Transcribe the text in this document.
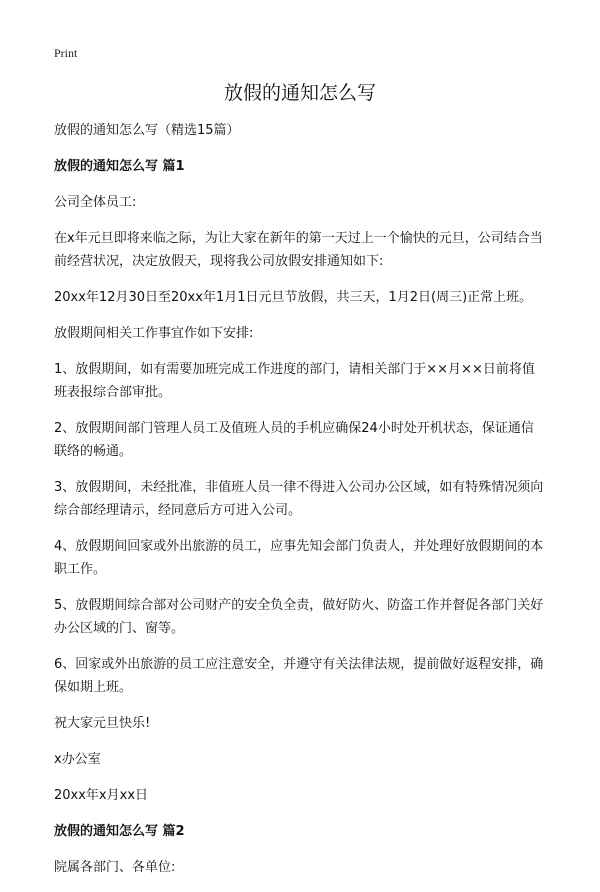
Print
放假的通知怎么写

放假的通知怎么写（精选15篇）

放假的通知怎么写 篇1

公司全体员工:

在x年元旦即将来临之际，为让大家在新年的第一天过上一个愉快的元旦，公司结合当前经营状况，决定放假天，现将我公司放假安排通知如下:

20xx年12月30日至20xx年1月1日元旦节放假，共三天，1月2日(周三)正常上班。

放假期间相关工作事宜作如下安排:

1、放假期间，如有需要加班完成工作进度的部门，请相关部门于××月××日前将值班表报综合部审批。

2、放假期间部门管理人员工及值班人员的手机应确保24小时处开机状态，保证通信联络的畅通。

3、放假期间，未经批准，非值班人员一律不得进入公司办公区域，如有特殊情况须向综合部经理请示，经同意后方可进入公司。

4、放假期间回家或外出旅游的员工，应事先知会部门负责人，并处理好放假期间的本职工作。

5、放假期间综合部对公司财产的安全负全责，做好防火、防盗工作并督促各部门关好办公区域的门、窗等。

6、回家或外出旅游的员工应注意安全，并遵守有关法律法规，提前做好返程安排，确保如期上班。

祝大家元旦快乐!

x办公室

20xx年x月xx日

放假的通知怎么写 篇2

院属各部门、各单位:
